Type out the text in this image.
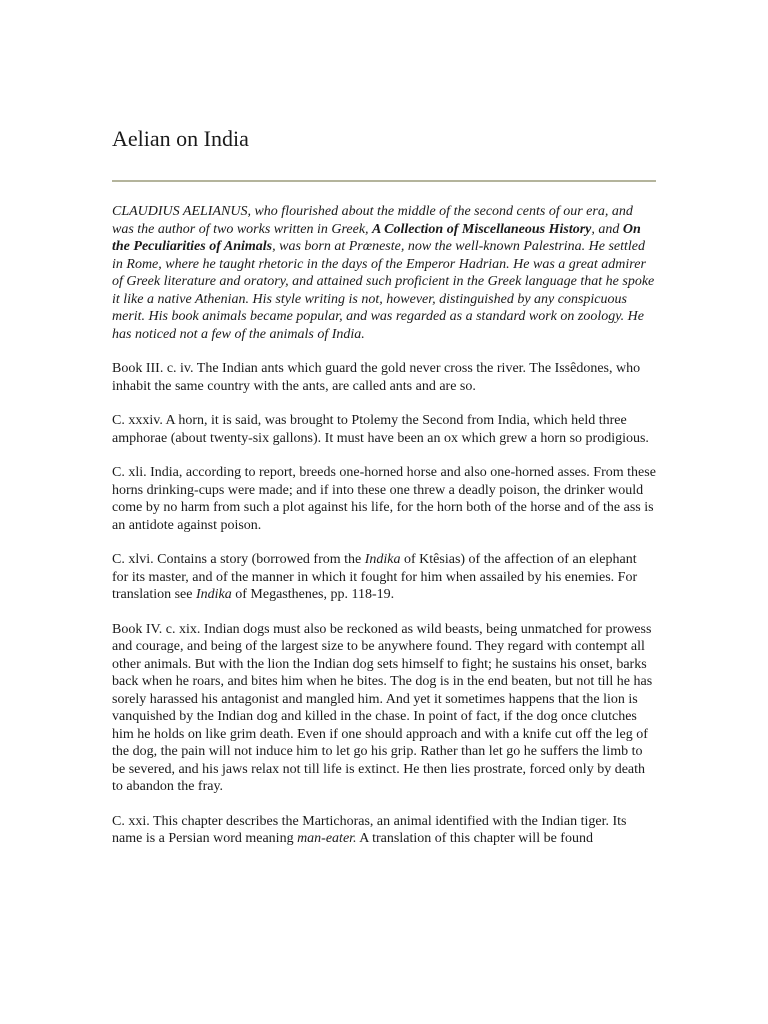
Aelian on India

CLAUDIUS AELIANUS, who flourished about the middle of the second cents of our era, and was the author of two works written in Greek, A Collection of Miscellaneous History, and On the Peculiarities of Animals, was born at Prœneste, now the well-known Palestrina. He settled in Rome, where he taught rhetoric in the days of the Emperor Hadrian. He was a great admirer of Greek literature and oratory, and attained such proficient in the Greek language that he spoke it like a native Athenian. His style writing is not, however, distinguished by any conspicuous merit. His book animals became popular, and was regarded as a standard work on zoology. He has noticed not a few of the animals of India.

Book III. c. iv. The Indian ants which guard the gold never cross the river. The Issêdones, who inhabit the same country with the ants, are called ants and are so.

C. xxxiv. A horn, it is said, was brought to Ptolemy the Second from India, which held three amphorae (about twenty-six gallons). It must have been an ox which grew a horn so prodigious.

C. xli. India, according to report, breeds one-horned horse and also one-horned asses. From these horns drinking-cups were made; and if into these one threw a deadly poison, the drinker would come by no harm from such a plot against his life, for the horn both of the horse and of the ass is an antidote against poison.

C. xlvi. Contains a story (borrowed from the Indika of Ktêsias) of the affection of an elephant for its master, and of the manner in which it fought for him when assailed by his enemies. For translation see Indika of Megasthenes, pp. 118-19.

Book IV. c. xix. Indian dogs must also be reckoned as wild beasts, being unmatched for prowess and courage, and being of the largest size to be anywhere found. They regard with contempt all other animals. But with the lion the Indian dog sets himself to fight; he sustains his onset, barks back when he roars, and bites him when he bites. The dog is in the end beaten, but not till he has sorely harassed his antagonist and mangled him. And yet it sometimes happens that the lion is vanquished by the Indian dog and killed in the chase. In point of fact, if the dog once clutches him he holds on like grim death. Even if one should approach and with a knife cut off the leg of the dog, the pain will not induce him to let go his grip. Rather than let go he suffers the limb to be severed, and his jaws relax not till life is extinct. He then lies prostrate, forced only by death to abandon the fray.

C. xxi. This chapter describes the Martichoras, an animal identified with the Indian tiger. Its name is a Persian word meaning man-eater. A translation of this chapter will be found
